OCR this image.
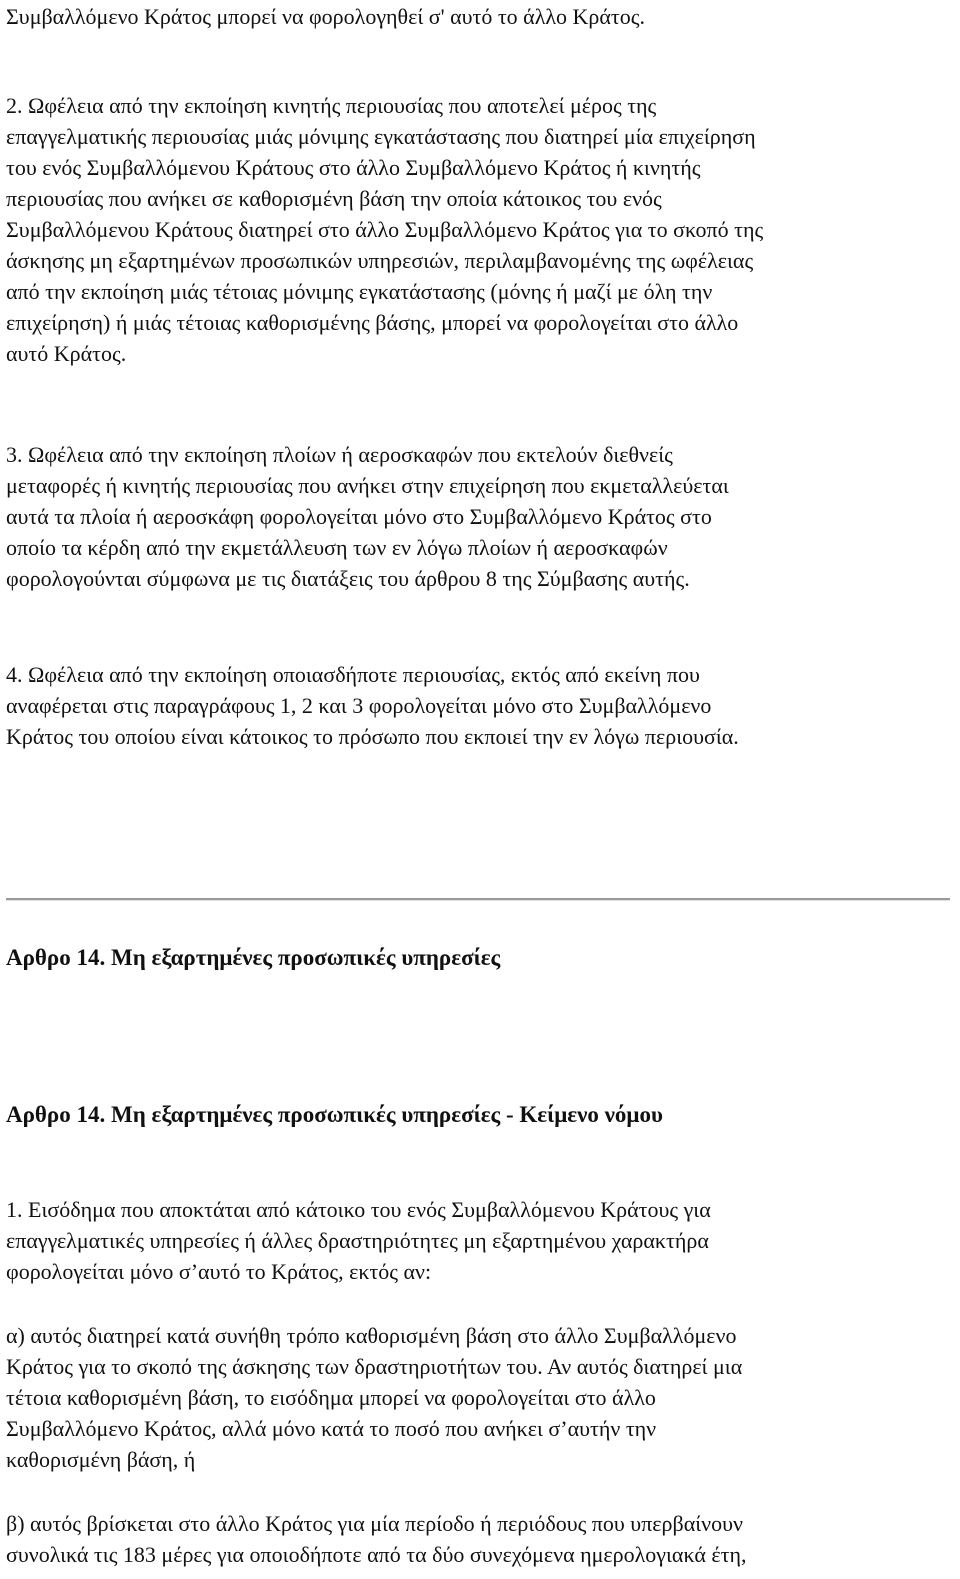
Συμβαλλόμενο Κράτος μπορεί να φορολογηθεί σ' αυτό το άλλο Κράτος.

2. Ωφέλεια από την εκποίηση κινητής περιουσίας που αποτελεί μέρος της
επαγγελματικής περιουσίας μιάς μόνιμης εγκατάστασης που διατηρεί μία επιχείρηση
του ενός Συμβαλλόμενου Κράτους στο άλλο Συμβαλλόμενο Κράτος ή κινητής
περιουσίας που ανήκει σε καθορισμένη βάση την οποία κάτοικος του ενός
Συμβαλλόμενου Κράτους διατηρεί στο άλλο Συμβαλλόμενο Κράτος για το σκοπό της
άσκησης μη εξαρτημένων προσωπικών υπηρεσιών, περιλαμβανομένης της ωφέλειας
από την εκποίηση μιάς τέτοιας μόνιμης εγκατάστασης (μόνης ή μαζί με όλη την
επιχείρηση) ή μιάς τέτοιας καθορισμένης βάσης, μπορεί να φορολογείται στο άλλο
αυτό Κράτος.

3. Ωφέλεια από την εκποίηση πλοίων ή αεροσκαφών που εκτελούν διεθνείς
μεταφορές ή κινητής περιουσίας που ανήκει στην επιχείρηση που εκμεταλλεύεται
αυτά τα πλοία ή αεροσκάφη φορολογείται μόνο στο Συμβαλλόμενο Κράτος στο
οποίο τα κέρδη από την εκμετάλλευση των εν λόγω πλοίων ή αεροσκαφών
φορολογούνται σύμφωνα με τις διατάξεις του άρθρου 8 της Σύμβασης αυτής.

4. Ωφέλεια από την εκποίηση οποιασδήποτε περιουσίας, εκτός από εκείνη που
αναφέρεται στις παραγράφους 1, 2 και 3 φορολογείται μόνο στο Συμβαλλόμενο
Κράτος του οποίου είναι κάτοικος το πρόσωπο που εκποιεί την εν λόγω περιουσία.

Αρθρο 14. Μη εξαρτημένες προσωπικές υπηρεσίες
Αρθρο 14. Μη εξαρτημένες προσωπικές υπηρεσίες - Κείμενο νόμου

1. Εισόδημα που αποκτάται από κάτοικο του ενός Συμβαλλόμενου Κράτους για
επαγγελματικές υπηρεσίες ή άλλες δραστηριότητες μη εξαρτημένου χαρακτήρα
φορολογείται μόνο σ’αυτό το Κράτος, εκτός αν:

α) αυτός διατηρεί κατά συνήθη τρόπο καθορισμένη βάση στο άλλο Συμβαλλόμενο
Κράτος για το σκοπό της άσκησης των δραστηριοτήτων του. Αν αυτός διατηρεί μια
τέτοια καθορισμένη βάση, το εισόδημα μπορεί να φορολογείται στο άλλο
Συμβαλλόμενο Κράτος, αλλά μόνο κατά το ποσό που ανήκει σ’αυτήν την
καθορισμένη βάση, ή

β) αυτός βρίσκεται στο άλλο Κράτος για μία περίοδο ή περιόδους που υπερβαίνουν
συνολικά τις 183 μέρες για οποιοδήποτε από τα δύο συνεχόμενα ημερολογιακά έτη,
